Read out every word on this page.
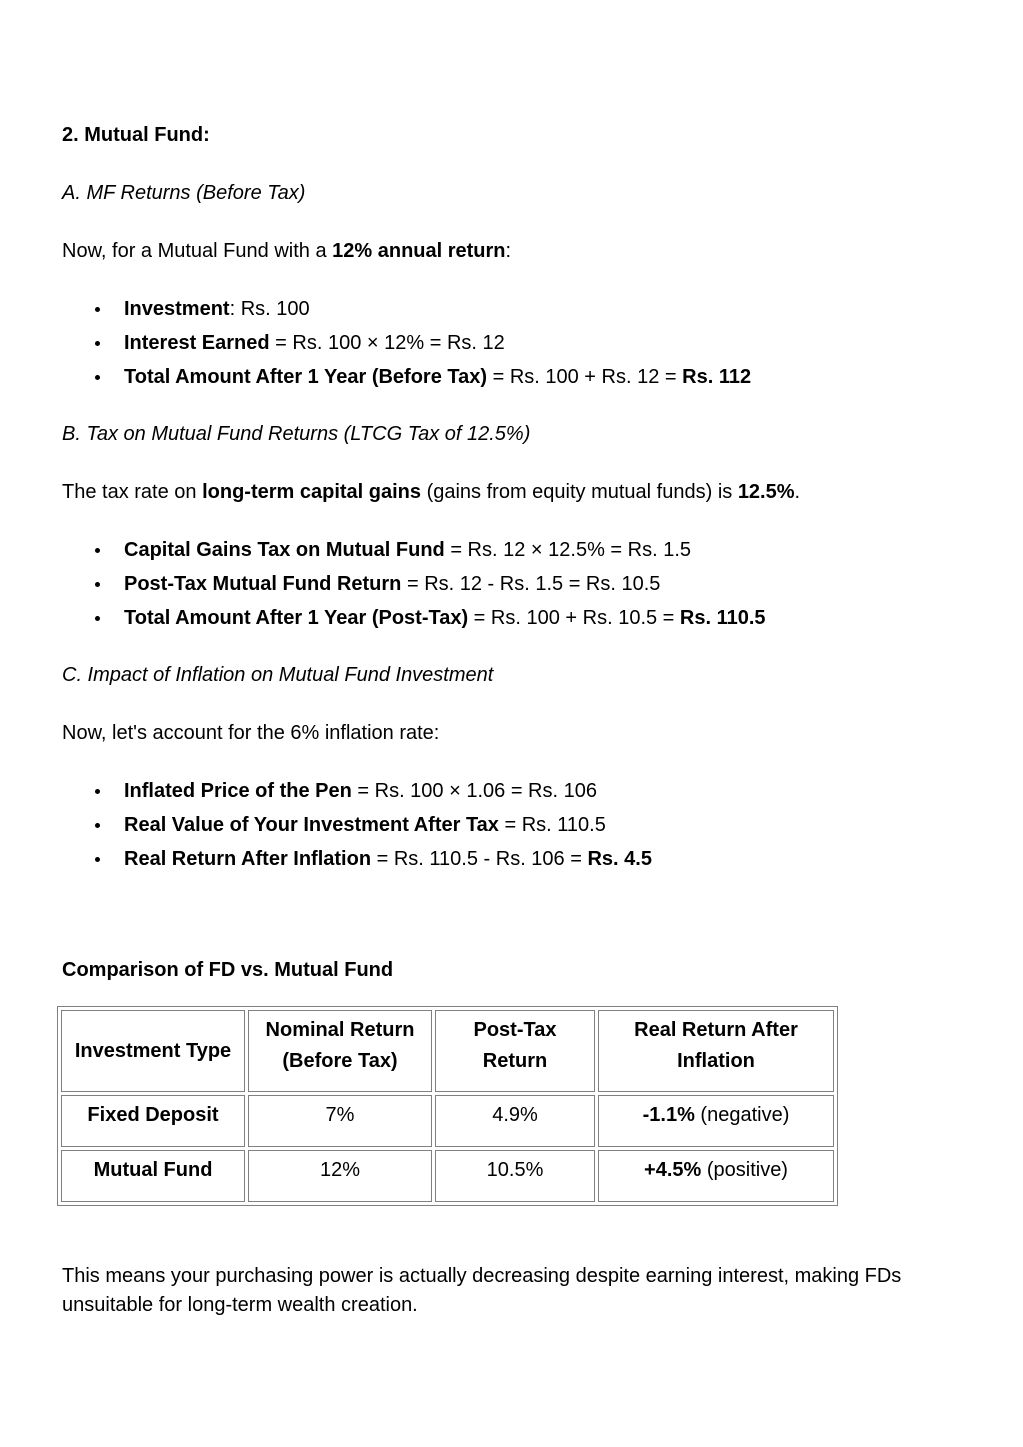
2. Mutual Fund:
A. MF Returns (Before Tax)
Now, for a Mutual Fund with a 12% annual return:
Investment: Rs. 100
Interest Earned = Rs. 100 × 12% = Rs. 12
Total Amount After 1 Year (Before Tax) = Rs. 100 + Rs. 12 = Rs. 112
B. Tax on Mutual Fund Returns (LTCG Tax of 12.5%)
The tax rate on long-term capital gains (gains from equity mutual funds) is 12.5%.
Capital Gains Tax on Mutual Fund = Rs. 12 × 12.5% = Rs. 1.5
Post-Tax Mutual Fund Return = Rs. 12 - Rs. 1.5 = Rs. 10.5
Total Amount After 1 Year (Post-Tax) = Rs. 100 + Rs. 10.5 = Rs. 110.5
C. Impact of Inflation on Mutual Fund Investment
Now, let's account for the 6% inflation rate:
Inflated Price of the Pen = Rs. 100 × 1.06 = Rs. 106
Real Value of Your Investment After Tax = Rs. 110.5
Real Return After Inflation = Rs. 110.5 - Rs. 106 = Rs. 4.5
Comparison of FD vs. Mutual Fund
Investment Type	Nominal Return (Before Tax)	Post-Tax Return	Real Return After Inflation
Fixed Deposit	7%	4.9%	-1.1% (negative)
Mutual Fund	12%	10.5%	+4.5% (positive)
This means your purchasing power is actually decreasing despite earning interest, making FDs unsuitable for long-term wealth creation.
